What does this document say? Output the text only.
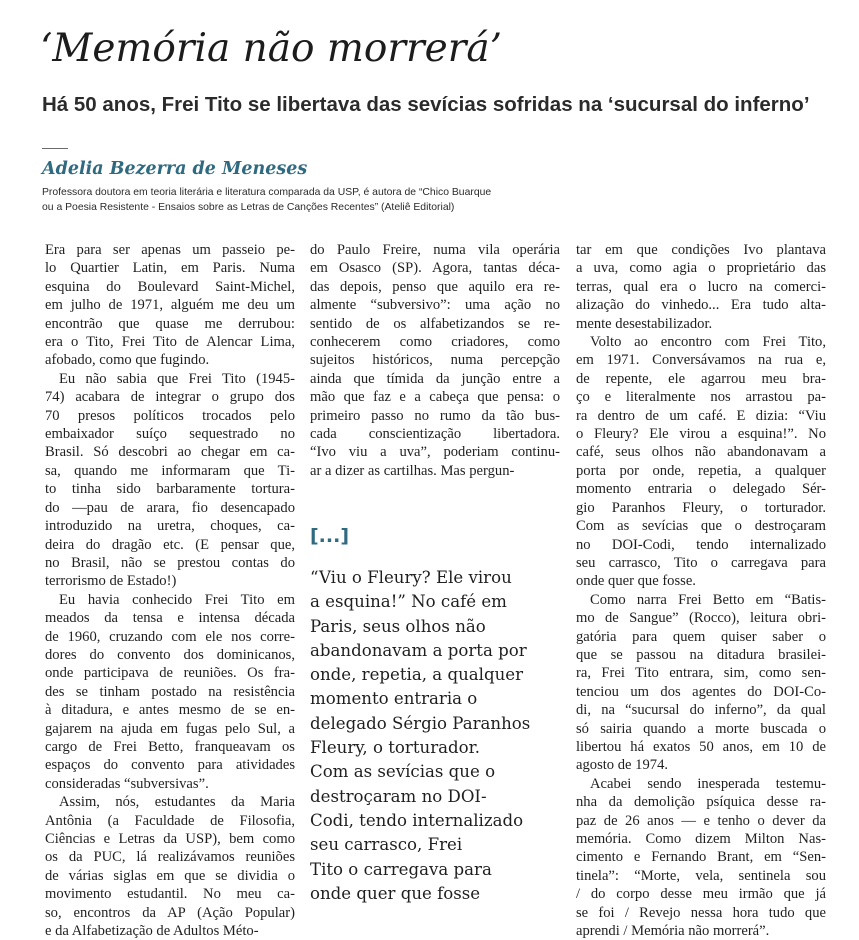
‘Memória não morrerá’
Há 50 anos, Frei Tito se libertava das sevícias sofridas na ‘sucursal do inferno’
Adelia Bezerra de Meneses
Professora doutora em teoria literária e literatura comparada da USP, é autora de “Chico Buarque
ou a Poesia Resistente - Ensaios sobre as Letras de Canções Recentes” (Ateliê Editorial)

Era para ser apenas um passeio pe-
lo Quartier Latin, em Paris. Numa
esquina do Boulevard Saint-Michel,
em julho de 1971, alguém me deu um
encontrão que quase me derrubou:
era o Tito, Frei Tito de Alencar Lima,
afobado, como que fugindo.

Eu não sabia que Frei Tito (1945-
74) acabara de integrar o grupo dos
70 presos políticos trocados pelo
embaixador suíço sequestrado no
Brasil. Só descobri ao chegar em ca-
sa, quando me informaram que Ti-
to tinha sido barbaramente tortura-
do —pau de arara, fio desencapado
introduzido na uretra, choques, ca-
deira do dragão etc. (E pensar que,
no Brasil, não se prestou contas do
terrorismo de Estado!)

Eu havia conhecido Frei Tito em
meados da tensa e intensa década
de 1960, cruzando com ele nos corre-
dores do convento dos dominicanos,
onde participava de reuniões. Os fra-
des se tinham postado na resistência
à ditadura, e antes mesmo de se en-
gajarem na ajuda em fugas pelo Sul, a
cargo de Frei Betto, franqueavam os
espaços do convento para atividades
consideradas “subversivas”.

Assim, nós, estudantes da Maria
Antônia (a Faculdade de Filosofia,
Ciências e Letras da USP), bem como
os da PUC, lá realizávamos reuniões
de várias siglas em que se dividia o
movimento estudantil. No meu ca-
so, encontros da AP (Ação Popular)
e da Alfabetização de Adultos Méto-

do Paulo Freire, numa vila operária
em Osasco (SP). Agora, tantas déca-
das depois, penso que aquilo era re-
almente “subversivo”: uma ação no
sentido de os alfabetizandos se re-
conhecerem como criadores, como
sujeitos históricos, numa percepção
ainda que tímida da junção entre a
mão que faz e a cabeça que pensa: o
primeiro passo no rumo da tão bus-
cada conscientização libertadora.
“Ivo viu a uva”, poderiam continu-
ar a dizer as cartilhas. Mas pergun-

tar em que condições Ivo plantava
a uva, como agia o proprietário das
terras, qual era o lucro na comerci-
alização do vinhedo... Era tudo alta-
mente desestabilizador.

Volto ao encontro com Frei Tito,
em 1971. Conversávamos na rua e,
de repente, ele agarrou meu bra-
ço e literalmente nos arrastou pa-
ra dentro de um café. E dizia: “Viu
o Fleury? Ele virou a esquina!”. No
café, seus olhos não abandonavam a
porta por onde, repetia, a qualquer
momento entraria o delegado Sér-
gio Paranhos Fleury, o torturador.
Com as sevícias que o destroçaram
no DOI-Codi, tendo internalizado
seu carrasco, Tito o carregava para
onde quer que fosse.

Como narra Frei Betto em “Batis-
mo de Sangue” (Rocco), leitura obri-
gatória para quem quiser saber o
que se passou na ditadura brasilei-
ra, Frei Tito entrara, sim, como sen-
tenciou um dos agentes do DOI-Co-
di, na “sucursal do inferno”, da qual
só sairia quando a morte buscada o
libertou há exatos 50 anos, em 10 de
agosto de 1974.

Acabei sendo inesperada testemu-
nha da demolição psíquica desse ra-
paz de 26 anos — e tenho o dever da
memória. Como dizem Milton Nas-
cimento e Fernando Brant, em “Sen-
tinela”: “Morte, vela, sentinela sou
/ do corpo desse meu irmão que já
se foi / Revejo nessa hora tudo que
aprendi / Memória não morrerá”.

[...]
“Viu o Fleury? Ele virou
a esquina!” No café em
Paris, seus olhos não
abandonavam a porta por
onde, repetia, a qualquer
momento entraria o
delegado Sérgio Paranhos
Fleury, o torturador.
Com as sevícias que o
destroçaram no DOI-
Codi, tendo internalizado
seu carrasco, Frei
Tito o carregava para
onde quer que fosse
